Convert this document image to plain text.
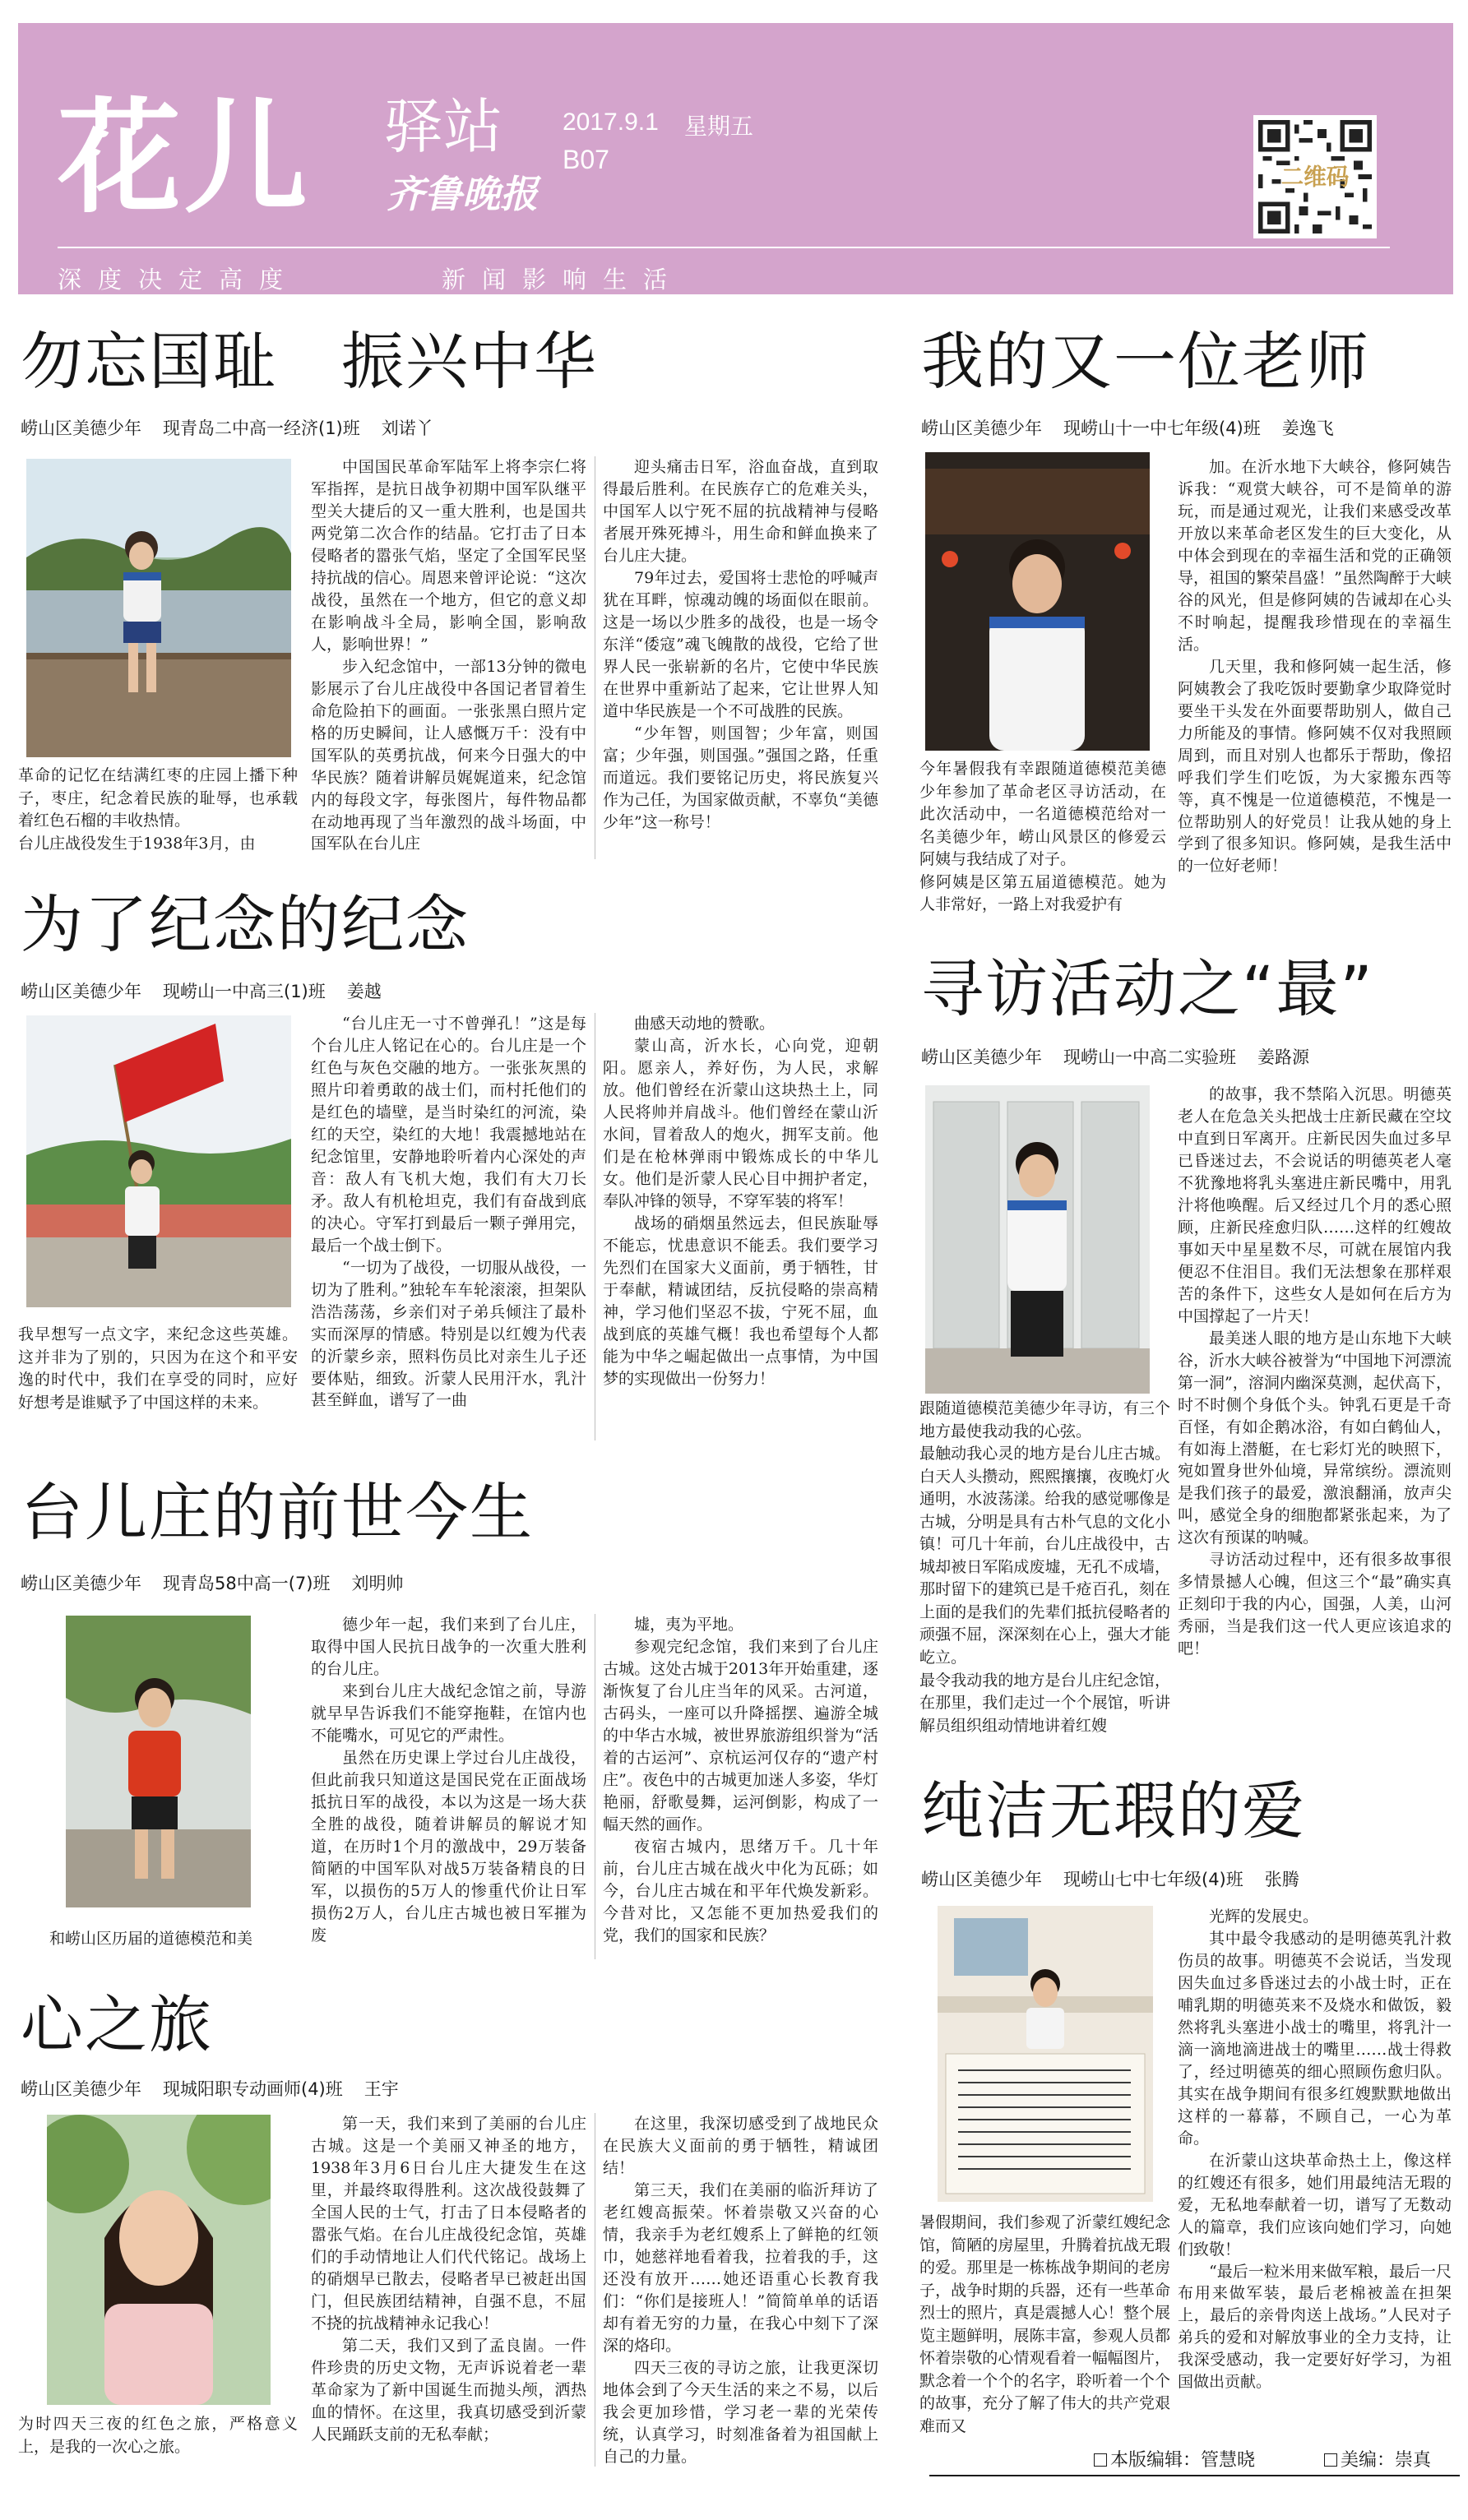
花儿 驿站
齐鲁晚报
2017.9.1
B07
星期五
深度决定高度	新闻影响生活
二维码
勿忘国耻　振兴中华
崂山区美德少年 现青岛二中高一经济(1)班 刘诺丫

革命的记忆在结满红枣的庄园上播下种子，枣庄，纪念着民族的耻辱，也承载着红色石榴的丰收热情。

台儿庄战役发生于1938年3月，由

中国国民革命军陆军上将李宗仁将军指挥，是抗日战争初期中国军队继平型关大捷后的又一重大胜利，也是国共两党第二次合作的结晶。它打击了日本侵略者的嚣张气焰，坚定了全国军民坚持抗战的信心。周恩来曾评论说：“这次战役，虽然在一个地方，但它的意义却在影响战斗全局，影响全国，影响敌人，影响世界！”

步入纪念馆中，一部13分钟的微电影展示了台儿庄战役中各国记者冒着生命危险拍下的画面。一张张黑白照片定格的历史瞬间，让人感慨万千：没有中国军队的英勇抗战，何来今日强大的中华民族？随着讲解员娓娓道来，纪念馆内的每段文字，每张图片，每件物品都在动地再现了当年激烈的战斗场面，中国军队在台儿庄

迎头痛击日军，浴血奋战，直到取得最后胜利。在民族存亡的危难关头，中国军人以宁死不屈的抗战精神与侵略者展开殊死搏斗，用生命和鲜血换来了台儿庄大捷。

79年过去，爱国将士悲怆的呼喊声犹在耳畔，惊魂动魄的场面似在眼前。这是一场以少胜多的战役，也是一场令东洋“倭寇”魂飞魄散的战役，它给了世界人民一张崭新的名片，它使中华民族在世界中重新站了起来，它让世界人知道中华民族是一个不可战胜的民族。

“少年智，则国智；少年富，则国富；少年强，则国强。”强国之路，任重而道远。我们要铭记历史，将民族复兴作为己任，为国家做贡献，不辜负“美德少年”这一称号！

为了纪念的纪念
崂山区美德少年 现崂山一中高三(1)班 姜越

我早想写一点文字，来纪念这些英雄。这并非为了别的，只因为在这个和平安逸的时代中，我们在享受的同时，应好好想考是谁赋予了中国这样的未来。

“台儿庄无一寸不曾弹孔！”这是每个台儿庄人铭记在心的。台儿庄是一个红色与灰色交融的地方。一张张灰黑的照片印着勇敢的战士们，而村托他们的是红色的墙壁，是当时染红的河流，染红的天空，染红的大地！我震撼地站在纪念馆里，安静地聆听着内心深处的声音：敌人有飞机大炮，我们有大刀长矛。敌人有机枪坦克，我们有奋战到底的决心。守军打到最后一颗子弹用完，最后一个战士倒下。

“一切为了战役，一切服从战役，一切为了胜利。”独轮车车轮滚滚，担架队浩浩荡荡，乡亲们对子弟兵倾注了最朴实而深厚的情感。特别是以红嫂为代表的沂蒙乡亲，照料伤员比对亲生儿子还要体贴，细致。沂蒙人民用汗水，乳汁甚至鲜血，谱写了一曲

曲感天动地的赞歌。

蒙山高，沂水长，心向党，迎朝阳。愿亲人，养好伤，为人民，求解放。他们曾经在沂蒙山这块热土上，同人民将帅并肩战斗。他们曾经在蒙山沂水间，冒着敌人的炮火，拥军支前。他们是在枪林弹雨中锻炼成长的中华儿女。他们是沂蒙人民心目中拥护者定，奉队冲锋的领导，不穿军装的将军！

战场的硝烟虽然远去，但民族耻辱不能忘，忧患意识不能丢。我们要学习先烈们在国家大义面前，勇于牺牲，甘于奉献，精诚团结，反抗侵略的崇高精神，学习他们坚忍不拔，宁死不屈，血战到底的英雄气概！我也希望每个人都能为中华之崛起做出一点事情，为中国梦的实现做出一份努力！

台儿庄的前世今生
崂山区美德少年 现青岛58中高一(7)班 刘明帅

和崂山区历届的道德模范和美

德少年一起，我们来到了台儿庄，取得中国人民抗日战争的一次重大胜利的台儿庄。

来到台儿庄大战纪念馆之前，导游就早早告诉我们不能穿拖鞋，在馆内也不能嘴水，可见它的严肃性。

虽然在历史课上学过台儿庄战役，但此前我只知道这是国民党在正面战场抵抗日军的战役，本以为这是一场大获全胜的战役，随着讲解员的解说才知道，在历时1个月的激战中，29万装备简陋的中国军队对战5万装备精良的日军，以损伤的5万人的惨重代价让日军损伤2万人，台儿庄古城也被日军摧为废

墟，夷为平地。

参观完纪念馆，我们来到了台儿庄古城。这处古城于2013年开始重建，逐渐恢复了台儿庄当年的风采。古河道，古码头，一座可以升降摇摆、遍游全城的中华古水城，被世界旅游组织誉为“活着的古运河”、京杭运河仅存的“遗产村庄”。夜色中的古城更加迷人多姿，华灯艳丽，舒歌曼舞，运河倒影，构成了一幅天然的画作。

夜宿古城内，思绪万千。几十年前，台儿庄古城在战火中化为瓦砾；如今，台儿庄古城在和平年代焕发新彩。今昔对比，又怎能不更加热爱我们的党，我们的国家和民族？

心之旅
崂山区美德少年 现城阳职专动画师(4)班 王宇

为时四天三夜的红色之旅，严格意义上，是我的一次心之旅。

第一天，我们来到了美丽的台儿庄古城。这是一个美丽又神圣的地方，1938年3月6日台儿庄大捷发生在这里，并最终取得胜利。这次战役鼓舞了全国人民的士气，打击了日本侵略者的嚣张气焰。在台儿庄战役纪念馆，英雄们的手动情地让人们代代铭记。战场上的硝烟早已散去，侵略者早已被赶出国门，但民族团结精神，自强不息，不屈不挠的抗战精神永记我心！

第二天，我们又到了孟良崮。一件件珍贵的历史文物，无声诉说着老一辈革命家为了新中国诞生而抛头颅，洒热血的情怀。在这里，我真切感受到沂蒙人民踊跃支前的无私奉献；

在这里，我深切感受到了战地民众在民族大义面前的勇于牺牲，精诚团结！

第三天，我们在美丽的临沂拜访了老红嫂高振荣。怀着崇敬又兴奋的心情，我亲手为老红嫂系上了鲜艳的红领巾，她慈祥地看着我，拉着我的手，这还没有放开……她还语重心长教育我们：“你们是接班人！”简简单单的话语却有着无穷的力量，在我心中刻下了深深的烙印。

四天三夜的寻访之旅，让我更深切地体会到了今天生活的来之不易，以后我会更加珍惜，学习老一辈的光荣传统，认真学习，时刻准备着为祖国献上自己的力量。

我的又一位老师
崂山区美德少年 现崂山十一中七年级(4)班 姜逸飞

今年暑假我有幸跟随道德模范美德少年参加了革命老区寻访活动，在此次活动中，一名道德模范给对一名美德少年，崂山风景区的修爱云阿姨与我结成了对子。

修阿姨是区第五届道德模范。她为人非常好，一路上对我爱护有

加。在沂水地下大峡谷，修阿姨告诉我：“观赏大峡谷，可不是简单的游玩，而是通过观光，让我们来感受改革开放以来革命老区发生的巨大变化，从中体会到现在的幸福生活和党的正确领导，祖国的繁荣昌盛！”虽然陶醉于大峡谷的风光，但是修阿姨的告诫却在心头不时响起，提醒我珍惜现在的幸福生活。

几天里，我和修阿姨一起生活，修阿姨教会了我吃饭时要勤拿少取降觉时要坐干头发在外面要帮助别人，做自己力所能及的事情。修阿姨不仅对我照顾周到，而且对别人也都乐于帮助，像招呼我们学生们吃饭，为大家搬东西等等，真不愧是一位道德模范，不愧是一位帮助别人的好党员！让我从她的身上学到了很多知识。修阿姨，是我生活中的一位好老师！

寻访活动之“最”
崂山区美德少年 现崂山一中高二实验班 姜路源

跟随道德模范美德少年寻访，有三个地方最使我动我的心弦。

最触动我心灵的地方是台儿庄古城。白天人头攒动，熙熙攘攘，夜晚灯火通明，水波荡漾。给我的感觉哪像是古城，分明是具有古朴气息的文化小镇！可几十年前，台儿庄战役中，古城却被日军陷成废墟，无孔不成墙，那时留下的建筑已是千疮百孔，刻在上面的是我们的先辈们抵抗侵略者的顽强不屈，深深刻在心上，强大才能屹立。

最令我动我的地方是台儿庄纪念馆，在那里，我们走过一个个展馆，听讲解员组织组动情地讲着红嫂

的故事，我不禁陷入沉思。明德英老人在危急关头把战士庄新民藏在空坟中直到日军离开。庄新民因失血过多早已昏迷过去，不会说话的明德英老人毫不犹豫地将乳头塞进庄新民嘴中，用乳汁将他唤醒。后又经过几个月的悉心照顾，庄新民痊愈归队……这样的红嫂故事如天中星星数不尽，可就在展馆内我便忍不住泪目。我们无法想象在那样艰苦的条件下，这些女人是如何在后方为中国撑起了一片天！

最美迷人眼的地方是山东地下大峡谷，沂水大峡谷被誉为“中国地下河漂流第一洞”，溶洞内幽深莫测，起伏高下，时不时侧个身低个头。钟乳石更是千奇百怪，有如企鹅冰浴，有如白鹤仙人，有如海上潜艇，在七彩灯光的映照下，宛如置身世外仙境，异常缤纷。漂流则是我们孩子的最爱，激浪翻涌，放声尖叫，感觉全身的细胞都紧张起来，为了这次有预谋的呐喊。

寻访活动过程中，还有很多故事很多情景撼人心魄，但这三个“最”确实真正刻印于我的内心，国强，人美，山河秀丽，当是我们这一代人更应该追求的吧！

纯洁无瑕的爱
崂山区美德少年 现崂山七中七年级(4)班 张腾

暑假期间，我们参观了沂蒙红嫂纪念馆，简陋的房屋里，升腾着抗战无瑕的爱。那里是一栋栋战争期间的老房子，战争时期的兵器，还有一些革命烈士的照片，真是震撼人心！整个展览主题鲜明，展陈丰富，参观人员都怀着崇敬的心情观看着一幅幅图片，默念着一个个的名字，聆听着一个个的故事，充分了解了伟大的共产党艰难而又

光辉的发展史。

其中最令我感动的是明德英乳汁救伤员的故事。明德英不会说话，当发现因失血过多昏迷过去的小战士时，正在哺乳期的明德英来不及烧水和做饭，毅然将乳头塞进小战士的嘴里，将乳汁一滴一滴地滴进战士的嘴里……战士得救了，经过明德英的细心照顾伤愈归队。其实在战争期间有很多红嫂默默地做出这样的一幕幕，不顾自己，一心为革命。

在沂蒙山这块革命热土上，像这样的红嫂还有很多，她们用最纯洁无瑕的爱，无私地奉献着一切，谱写了无数动人的篇章，我们应该向她们学习，向她们致敬！

“最后一粒米用来做军粮，最后一尺布用来做军装，最后老棉被盖在担架上，最后的亲骨肉送上战场。”人民对子弟兵的爱和对解放事业的全力支持，让我深受感动，我一定要好好学习，为祖国做出贡献。

本版编辑：管慧晓	美编：崇真
